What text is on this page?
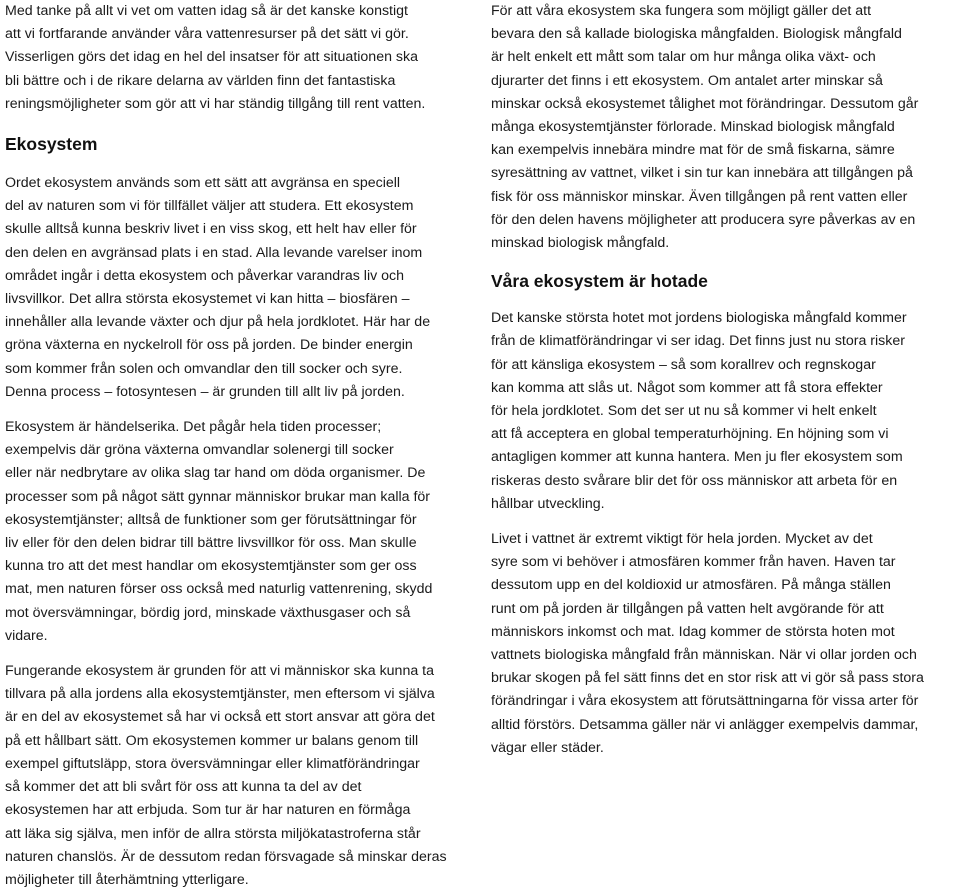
Med tanke på allt vi vet om vatten idag så är det kanske konstigt
att vi fortfarande använder våra vattenresurser på det sätt vi gör.
Visserligen görs det idag en hel del insatser för att situationen ska
bli bättre och i de rikare delarna av världen finn det fantastiska
reningsmöjligheter som gör att vi har ständig tillgång till rent vatten.

Ekosystem

Ordet ekosystem används som ett sätt att avgränsa en speciell
del av naturen som vi för tillfället väljer att studera. Ett ekosystem
skulle alltså kunna beskriv livet i en viss skog, ett helt hav eller för
den delen en avgränsad plats i en stad. Alla levande varelser inom
området ingår i detta ekosystem och påverkar varandras liv och
livsvillkor. Det allra största ekosystemet vi kan hitta – biosfären –
innehåller alla levande växter och djur på hela jordklotet. Här har de
gröna växterna en nyckelroll för oss på jorden. De binder energin
som kommer från solen och omvandlar den till socker och syre.
Denna process – fotosyntesen – är grunden till allt liv på jorden.

Ekosystem är händelserika. Det pågår hela tiden processer;
exempelvis där gröna växterna omvandlar solenergi till socker
eller när nedbrytare av olika slag tar hand om döda organismer. De
processer som på något sätt gynnar människor brukar man kalla för
ekosystemtjänster; alltså de funktioner som ger förutsättningar för
liv eller för den delen bidrar till bättre livsvillkor för oss. Man skulle
kunna tro att det mest handlar om ekosystemtjänster som ger oss
mat, men naturen förser oss också med naturlig vattenrening, skydd
mot översvämningar, bördig jord, minskade växthusgaser och så
vidare.

Fungerande ekosystem är grunden för att vi människor ska kunna ta
tillvara på alla jordens alla ekosystemtjänster, men eftersom vi själva
är en del av ekosystemet så har vi också ett stort ansvar att göra det
på ett hållbart sätt. Om ekosystemen kommer ur balans genom till
exempel giftutsläpp, stora översvämningar eller klimatförändringar
så kommer det att bli svårt för oss att kunna ta del av det
ekosystemen har att erbjuda. Som tur är har naturen en förmåga
att läka sig själva, men inför de allra största miljökatastroferna står
naturen chanslös. Är de dessutom redan försvagade så minskar deras
möjligheter till återhämtning ytterligare.

För att våra ekosystem ska fungera som möjligt gäller det att
bevara den så kallade biologiska mångfalden. Biologisk mångfald
är helt enkelt ett mått som talar om hur många olika växt- och
djurarter det finns i ett ekosystem. Om antalet arter minskar så
minskar också ekosystemet tålighet mot förändringar. Dessutom går
många ekosystemtjänster förlorade. Minskad biologisk mångfald
kan exempelvis innebära mindre mat för de små fiskarna, sämre
syresättning av vattnet, vilket i sin tur kan innebära att tillgången på
fisk för oss människor minskar. Även tillgången på rent vatten eller
för den delen havens möjligheter att producera syre påverkas av en
minskad biologisk mångfald.

Våra ekosystem är hotade

Det kanske största hotet mot jordens biologiska mångfald kommer
från de klimatförändringar vi ser idag. Det finns just nu stora risker
för att känsliga ekosystem – så som korallrev och regnskogar
kan komma att slås ut. Något som kommer att få stora effekter
för hela jordklotet. Som det ser ut nu så kommer vi helt enkelt
att få acceptera en global temperaturhöjning. En höjning som vi
antagligen kommer att kunna hantera. Men ju fler ekosystem som
riskeras desto svårare blir det för oss människor att arbeta för en
hållbar utveckling.

Livet i vattnet är extremt viktigt för hela jorden. Mycket av det
syre som vi behöver i atmosfären kommer från haven. Haven tar
dessutom upp en del koldioxid ur atmosfären. På många ställen
runt om på jorden är tillgången på vatten helt avgörande för att
människors inkomst och mat. Idag kommer de största hoten mot
vattnets biologiska mångfald från människan. När vi ollar jorden och
brukar skogen på fel sätt finns det en stor risk att vi gör så pass stora
förändringar i våra ekosystem att förutsättningarna för vissa arter för
alltid förstörs. Detsamma gäller när vi anlägger exempelvis dammar,
vägar eller städer.
